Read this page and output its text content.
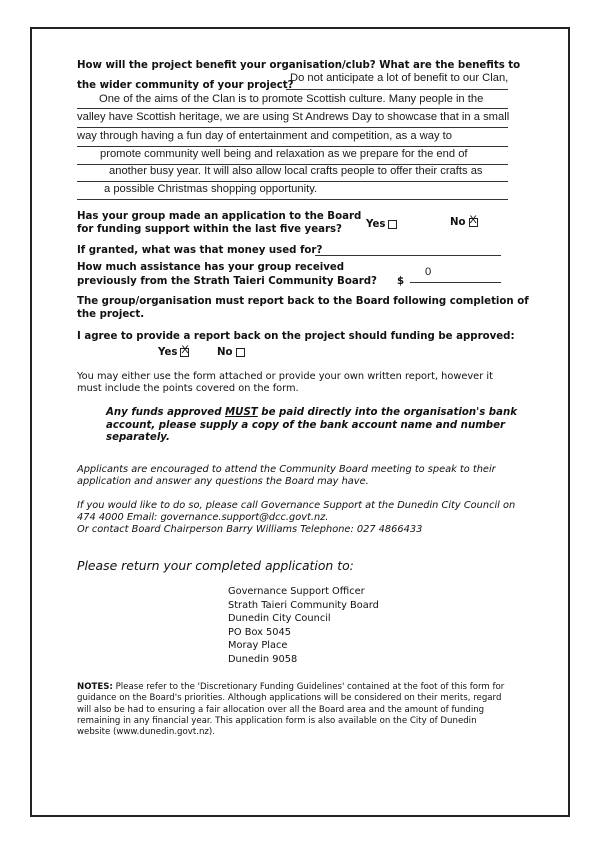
How will the project benefit your organisation/club? What are the benefits to
the wider community of your project?
Do not anticipate a lot of benefit to our Clan,
One of the aims of the Clan is to promote Scottish culture. Many people in the
valley have Scottish heritage, we are using St Andrews Day to showcase that in a small
way through having a fun day of entertainment and competition, as a way to
promote community well being and relaxation as we prepare for the end of
another busy year. It will also allow local crafts people to offer their crafts as
a possible Christmas shopping opportunity.
Has your group made an application to the Board
for funding support within the last five years? Yes	NoX
If granted, what was that money used for?
How much assistance has your group received
previously from the Strath Taieri Community Board? $
0
The group/organisation must report back to the Board following completion of
the project.
I agree to provide a report back on the project should funding be approved:
YesX	No
You may either use the form attached or provide your own written report, however it
must include the points covered on the form.
Any funds approved MUST be paid directly into the organisation's bank
account, please supply a copy of the bank account name and number
separately.
Applicants are encouraged to attend the Community Board meeting to speak to their
application and answer any questions the Board may have.
If you would like to do so, please call Governance Support at the Dunedin City Council on
474 4000 Email: governance.support@dcc.govt.nz.
Or contact Board Chairperson Barry Williams Telephone: 027 4866433
Please return your completed application to:
Governance Support Officer
Strath Taieri Community Board
Dunedin City Council
PO Box 5045
Moray Place
Dunedin 9058
NOTES: Please refer to the 'Discretionary Funding Guidelines' contained at the foot of this form for
guidance on the Board's priorities. Although applications will be considered on their merits, regard
will also be had to ensuring a fair allocation over all the Board area and the amount of funding
remaining in any financial year. This application form is also available on the City of Dunedin
website (www.dunedin.govt.nz).
